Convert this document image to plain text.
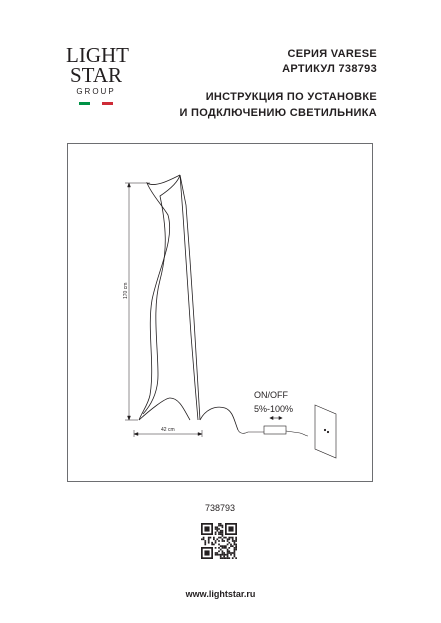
LIGHT
STAR
GROUP
СЕРИЯ VARESE
АРТИКУЛ 738793
ИНСТРУКЦИЯ ПО УСТАНОВКЕ
И ПОДКЛЮЧЕНИЮ СВЕТИЛЬНИКА
170 cm
42 cm
ON/OFF
5%-100%
738793
www.lightstar.ru
